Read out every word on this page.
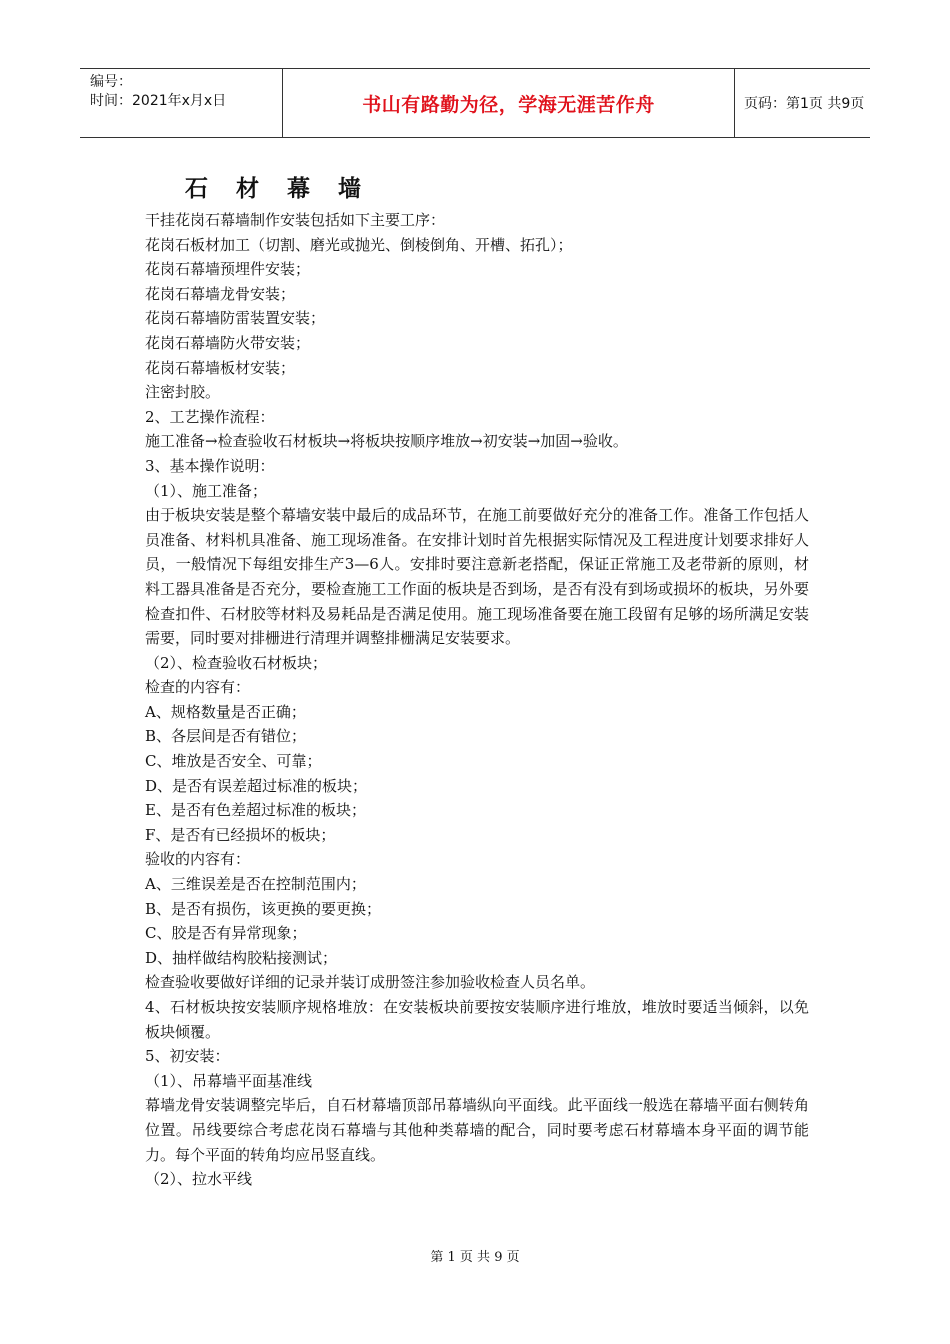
编号：
时间：2021年x月x日	书山有路勤为径，学海无涯苦作舟	页码：第1页 共9页
石 材 幕 墙

干挂花岗石幕墙制作安装包括如下主要工序：

花岗石板材加工（切割、磨光或抛光、倒棱倒角、开槽、拓孔）；

花岗石幕墙预埋件安装；

花岗石幕墙龙骨安装；

花岗石幕墙防雷装置安装；

花岗石幕墙防火带安装；

花岗石幕墙板材安装；

注密封胶。

2、工艺操作流程：

施工准备→检查验收石材板块→将板块按顺序堆放→初安装→加固→验收。

3、基本操作说明：

（1）、施工准备；

由于板块安装是整个幕墙安装中最后的成品环节，在施工前要做好充分的准备工作。准备工作包括人员准备、材料机具准备、施工现场准备。在安排计划时首先根据实际情况及工程进度计划要求排好人员，一般情况下每组安排生产3—6人。安排时要注意新老搭配，保证正常施工及老带新的原则，材料工器具准备是否充分，要检查施工工作面的板块是否到场，是否有没有到场或损坏的板块，另外要检查扣件、石材胶等材料及易耗品是否满足使用。施工现场准备要在施工段留有足够的场所满足安装需要，同时要对排栅进行清理并调整排栅满足安装要求。

（2）、检查验收石材板块；

检查的内容有：

A、规格数量是否正确；

B、各层间是否有错位；

C、堆放是否安全、可靠；

D、是否有误差超过标准的板块；

E、是否有色差超过标准的板块；

F、是否有已经损坏的板块；

验收的内容有：

A、三维误差是否在控制范围内；

B、是否有损伤，该更换的要更换；

C、胶是否有异常现象；

D、抽样做结构胶粘接测试；

检查验收要做好详细的记录并装订成册签注参加验收检查人员名单。

4、石材板块按安装顺序规格堆放：在安装板块前要按安装顺序进行堆放，堆放时要适当倾斜，以免板块倾覆。

5、初安装：

（1）、吊幕墙平面基准线

幕墙龙骨安装调整完毕后，自石材幕墙顶部吊幕墙纵向平面线。此平面线一般选在幕墙平面右侧转角位置。吊线要综合考虑花岗石幕墙与其他种类幕墙的配合，同时要考虑石材幕墙本身平面的调节能力。每个平面的转角均应吊竖直线。

（2）、拉水平线

第 1 页 共 9 页
